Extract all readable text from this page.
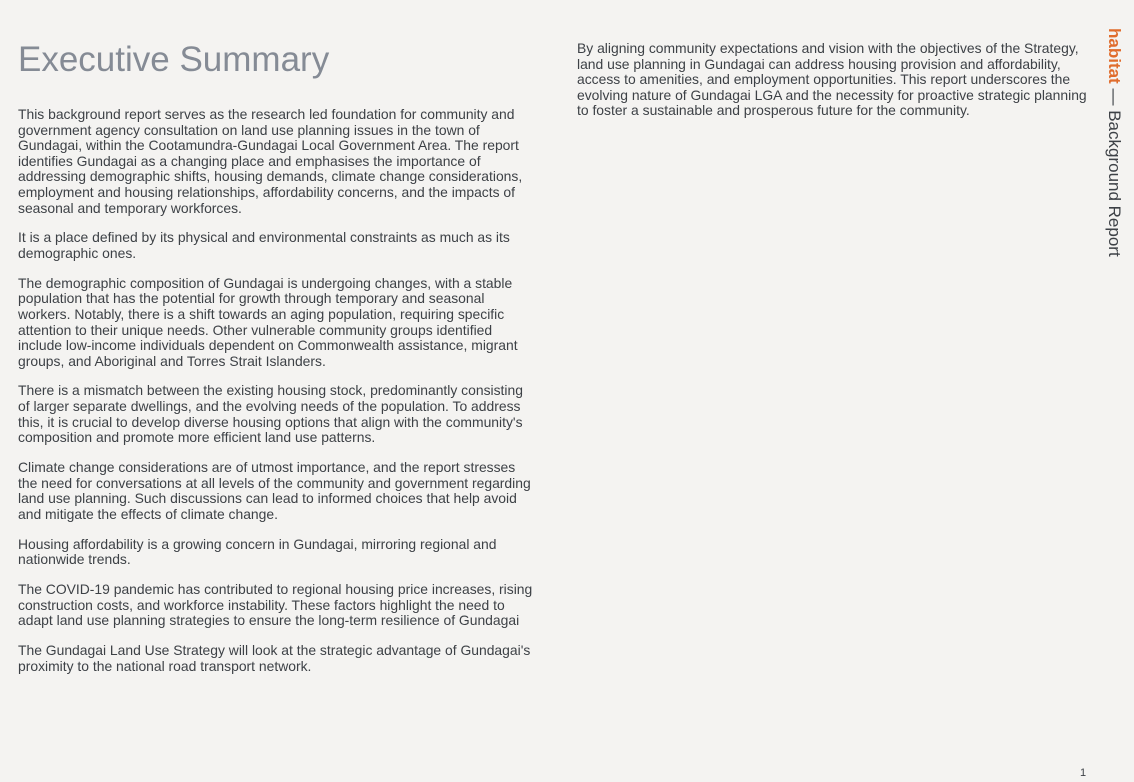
Executive Summary

This background report serves as the research led foundation for community and government agency consultation on land use planning issues in the town of Gundagai, within the Cootamundra-Gundagai Local Government Area. The report identifies Gundagai as a changing place and emphasises the importance of addressing demographic shifts, housing demands, climate change considerations, employment and housing relationships, affordability concerns, and the impacts of seasonal and temporary workforces.

It is a place defined by its physical and environmental constraints as much as its demographic ones.

The demographic composition of Gundagai is undergoing changes, with a stable population that has the potential for growth through temporary and seasonal workers. Notably, there is a shift towards an aging population, requiring specific attention to their unique needs. Other vulnerable community groups identified include low-income individuals dependent on Commonwealth assistance, migrant groups, and Aboriginal and Torres Strait Islanders.

There is a mismatch between the existing housing stock, predominantly consisting of larger separate dwellings, and the evolving needs of the population. To address this, it is crucial to develop diverse housing options that align with the community's composition and promote more efficient land use patterns.

Climate change considerations are of utmost importance, and the report stresses the need for conversations at all levels of the community and government regarding land use planning. Such discussions can lead to informed choices that help avoid and mitigate the effects of climate change.

Housing affordability is a growing concern in Gundagai, mirroring regional and nationwide trends.

The COVID-19 pandemic has contributed to regional housing price increases, rising construction costs, and workforce instability. These factors highlight the need to adapt land use planning strategies to ensure the long-term resilience of Gundagai

The Gundagai Land Use Strategy will look at the strategic advantage of Gundagai's proximity to the national road transport network.

By aligning community expectations and vision with the objectives of the Strategy, land use planning in Gundagai can address housing provision and affordability, access to amenities, and employment opportunities. This report underscores the evolving nature of Gundagai LGA and the necessity for proactive strategic planning to foster a sustainable and prosperous future for the community.

habitat — Background Report
1
